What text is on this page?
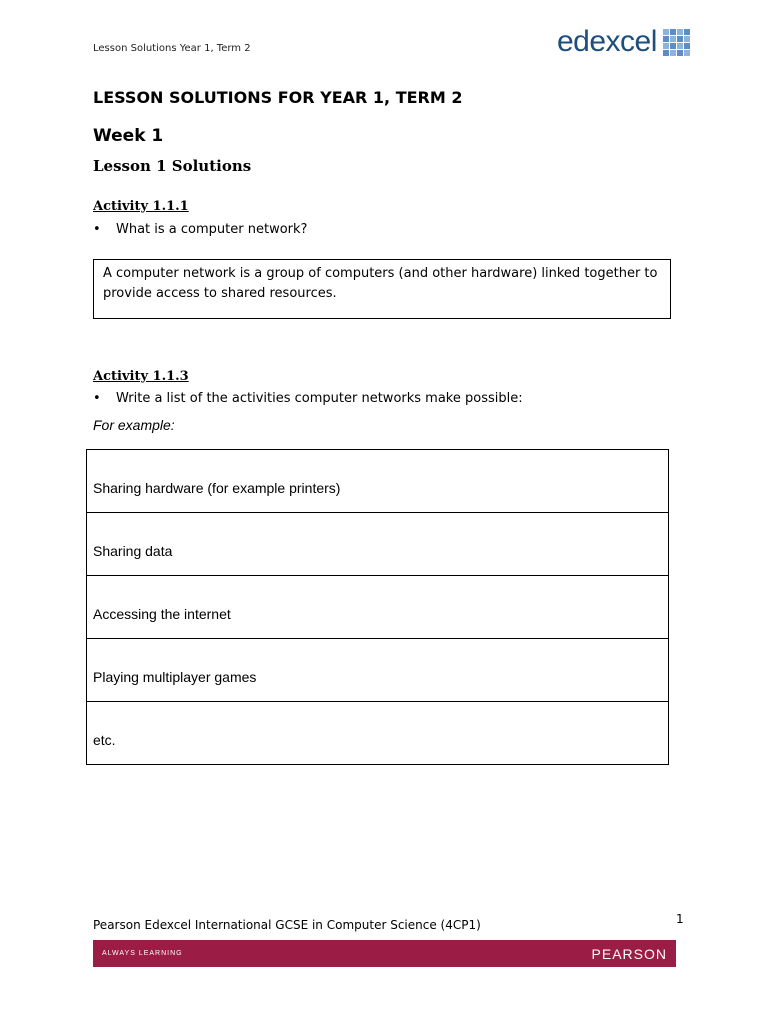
Lesson Solutions Year 1, Term 2	edexcel
LESSON SOLUTIONS FOR YEAR 1, TERM 2
Week 1
Lesson 1 Solutions
Activity 1.1.1
•	What is a computer network?
A computer network is a group of computers (and other hardware) linked together to provide access to shared resources.
Activity 1.1.3
•	Write a list of the activities computer networks make possible:
For example:
Sharing hardware (for example printers)
Sharing data
Accessing the internet
Playing multiplayer games
etc.
1
Pearson Edexcel International GCSE in Computer Science (4CP1)
ALWAYS LEARNING	PEARSON
